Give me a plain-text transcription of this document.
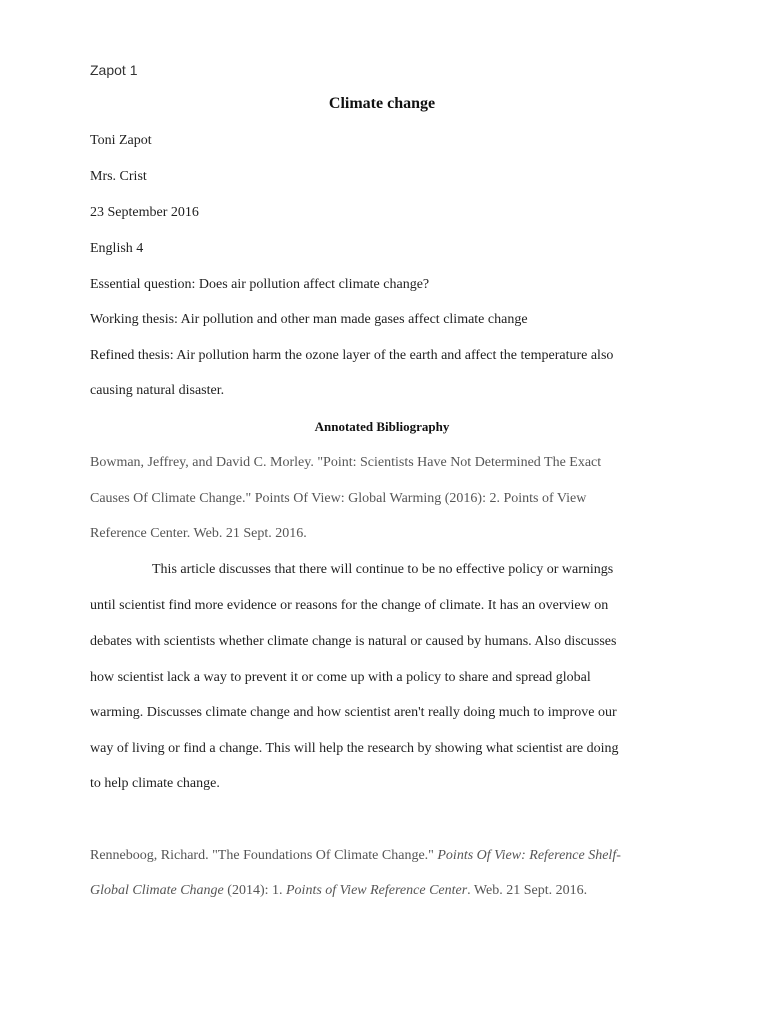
Zapot 1
Climate change
Toni Zapot
Mrs. Crist
23 September 2016
English 4
Essential question: Does air pollution affect climate change?
Working thesis: Air pollution and other man made gases affect climate change
Refined thesis: Air pollution harm the ozone layer of the earth and affect the temperature also
causing natural disaster.
Annotated Bibliography
Bowman, Jeffrey, and David C. Morley. "Point: Scientists Have Not Determined The Exact
Causes Of Climate Change." Points Of View: Global Warming (2016): 2. Points of View
Reference Center. Web. 21 Sept. 2016.
This article discusses that there will continue to be no effective policy or warnings
until scientist find more evidence or reasons for the change of climate. It has an overview on
debates with scientists whether climate change is natural or caused by humans. Also discusses
how scientist lack a way to prevent it or come up with a policy to share and spread global
warming. Discusses climate change and how scientist aren't really doing much to improve our
way of living or find a change. This will help the research by showing what scientist are doing
to help climate change.
Renneboog, Richard. "The Foundations Of Climate Change." Points Of View: Reference Shelf-
Global Climate Change (2014): 1. Points of View Reference Center. Web. 21 Sept. 2016.
